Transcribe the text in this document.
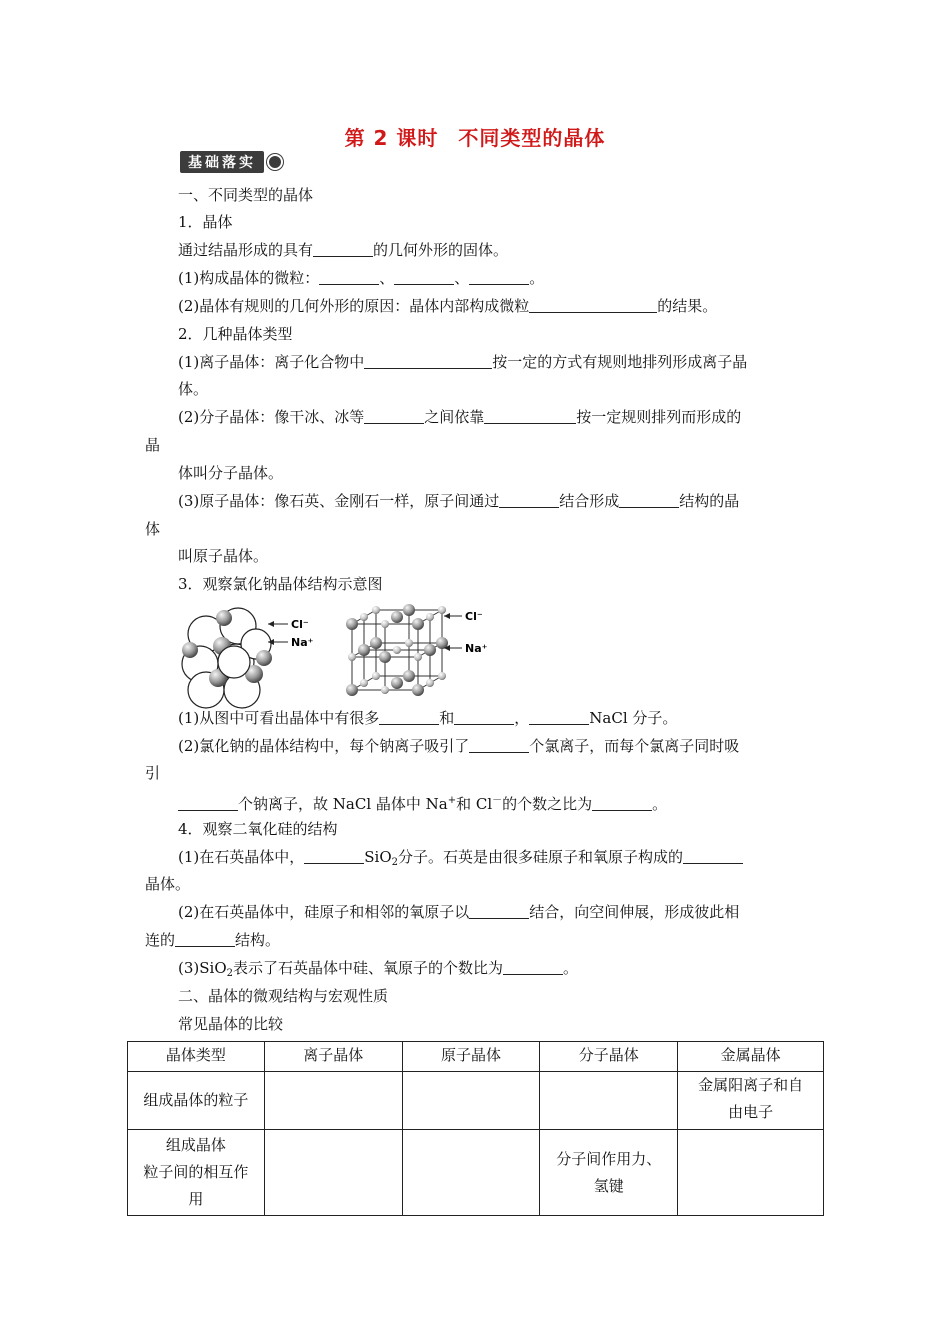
第 2 课时 不同类型的晶体
基础落实
一、不同类型的晶体
1．晶体
通过结晶形成的具有	的几何外形的固体。
(1)构成晶体的微粒：	、	、	。
(2)晶体有规则的几何外形的原因：晶体内部构成微粒	的结果。
2．几种晶体类型
(1)离子晶体：离子化合物中	按一定的方式有规则地排列形成离子晶
体。
(2)分子晶体：像干冰、冰等	之间依靠	按一定规则排列而形成的
晶
体叫分子晶体。
(3)原子晶体：像石英、金刚石一样，原子间通过	结合形成	结构的晶
体
叫原子晶体。
3．观察氯化钠晶体结构示意图
Cl⁻
Na⁺
Cl⁻
Na⁺
(1)从图中可看出晶体中有很多	和	，	NaCl 分子。
(2)氯化钠的晶体结构中，每个钠离子吸引了	个氯离子，而每个氯离子同时吸
引
个钠离子，故 NaCl 晶体中 Na+和 Cl－的个数之比为	。
4．观察二氧化硅的结构
(1)在石英晶体中，	SiO$_2$分子。石英是由很多硅原子和氧原子构成的
晶体。
(2)在石英晶体中，硅原子和相邻的氧原子以	结合，向空间伸展，形成彼此相
连的	结构。
(3)SiO$_2$表示了石英晶体中硅、氧原子的个数比为	。
二、晶体的微观结构与宏观性质
常见晶体的比较
晶体类型	离子晶体	原子晶体	分子晶体	金属晶体
组成晶体的粒子				金属阳离子和自
由电子
组成晶体
粒子间的相互作
用			分子间作用力、
氢键	
